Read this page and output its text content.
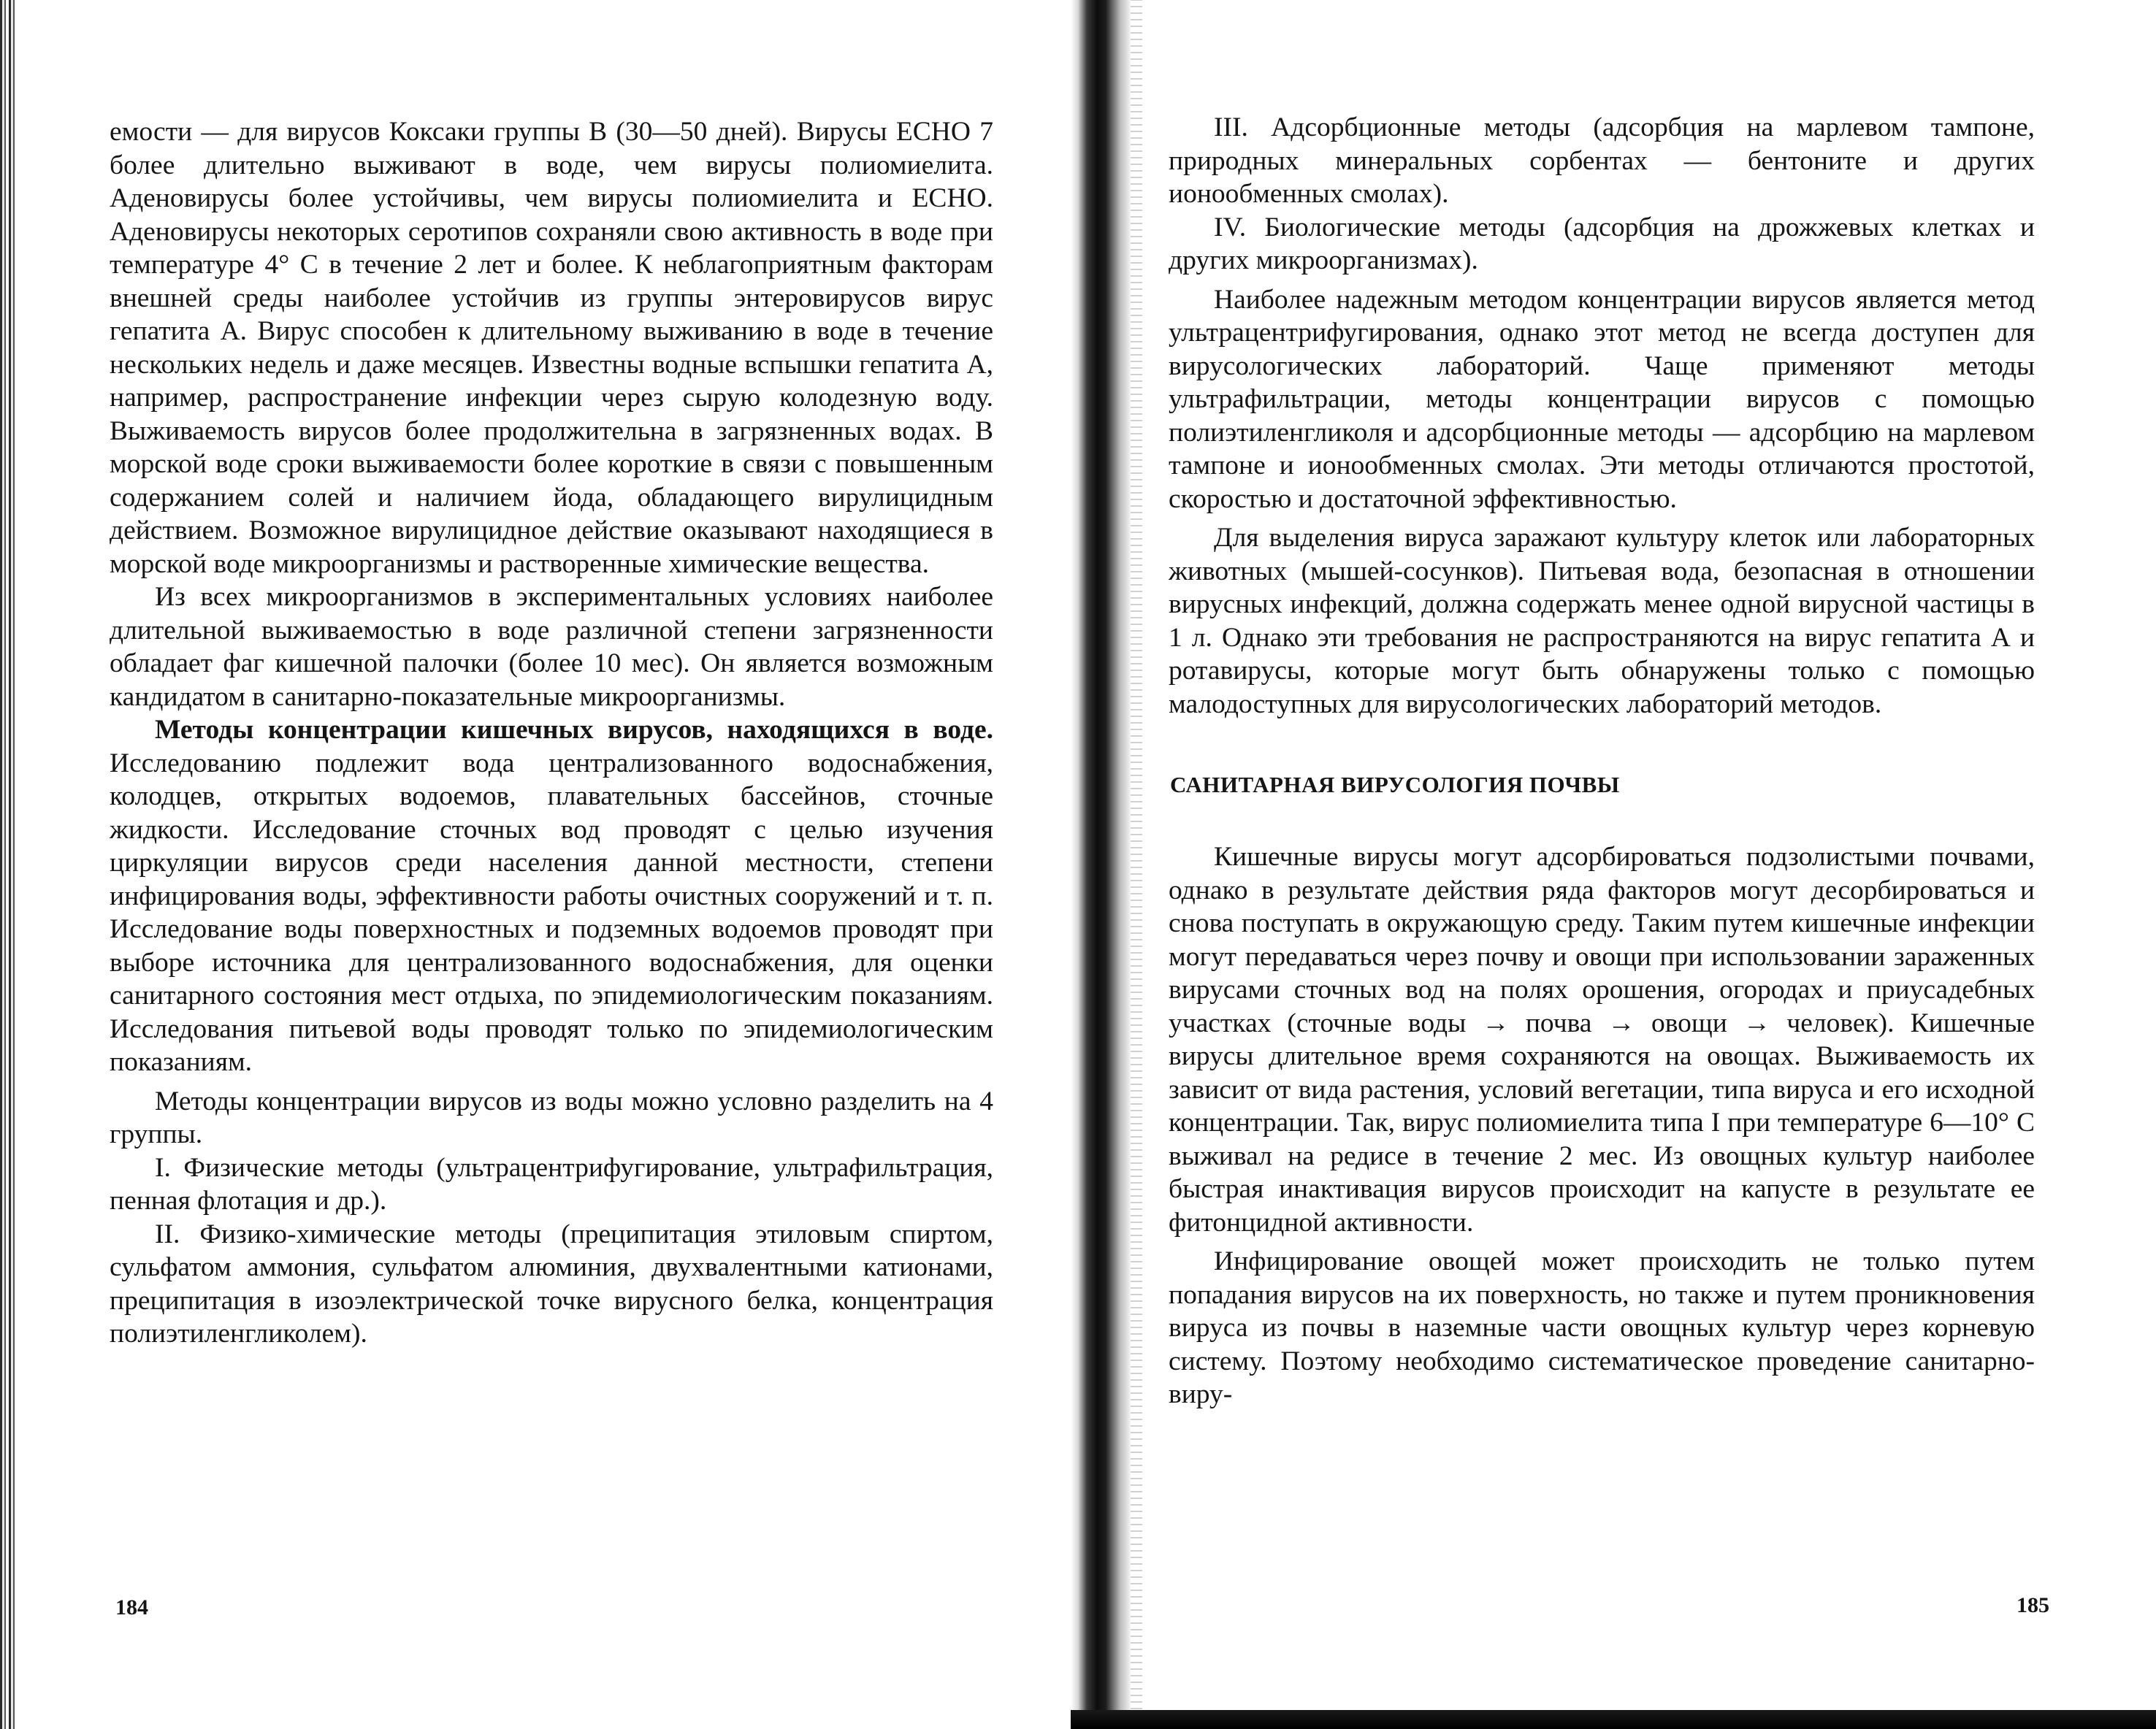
емости — для вирусов Коксаки группы В (30—50 дней). Вирусы ЕСНО 7 более длительно выживают в воде, чем вирусы полиомиелита. Аденовирусы более устойчивы, чем вирусы полиомиелита и ЕСНО. Аденовирусы некоторых серотипов сохраняли свою активность в воде при температуре 4° С в течение 2 лет и более. К неблагоприятным факторам внешней среды наиболее устойчив из группы энтеровирусов вирус гепатита А. Вирус способен к длительному выживанию в воде в течение нескольких недель и даже месяцев. Известны водные вспышки гепатита А, например, распространение инфекции через сырую колодезную воду. Выживаемость вирусов более продолжительна в загрязненных водах. В морской воде сроки выживаемости более короткие в связи с повышенным содержанием солей и наличием йода, обладающего вирулицидным действием. Возможное вирулицидное действие оказывают находящиеся в морской воде микроорганизмы и растворенные химические вещества.

Из всех микроорганизмов в экспериментальных условиях наиболее длительной выживаемостью в воде различной степени загрязненности обладает фаг кишечной палочки (более 10 мес). Он является возможным кандидатом в санитарно-показательные микроорганизмы.

Методы концентрации кишечных вирусов, находящихся в воде. Исследованию подлежит вода централизованного водоснабжения, колодцев, открытых водоемов, плавательных бассейнов, сточные жидкости. Исследование сточных вод проводят с целью изучения циркуляции вирусов среди населения данной местности, степени инфицирования воды, эффективности работы очистных сооружений и т. п. Исследование воды поверхностных и подземных водоемов проводят при выборе источника для централизованного водоснабжения, для оценки санитарного состояния мест отдыха, по эпидемиологическим показаниям. Исследования питьевой воды проводят только по эпидемиологическим показаниям.

Методы концентрации вирусов из воды можно условно разделить на 4 группы.

I. Физические методы (ультрацентрифугирование, ультрафильтрация, пенная флотация и др.).

II. Физико-химические методы (преципитация этиловым спиртом, сульфатом аммония, сульфатом алюминия, двухвалентными катионами, преципитация в изоэлектрической точке вирусного белка, концентрация полиэтиленгликолем).

184

III. Адсорбционные методы (адсорбция на марлевом тампоне, природных минеральных сорбентах — бентоните и других ионообменных смолах).

IV. Биологические методы (адсорбция на дрожжевых клетках и других микроорганизмах).

Наиболее надежным методом концентрации вирусов является метод ультрацентрифугирования, однако этот метод не всегда доступен для вирусологических лабораторий. Чаще применяют методы ультрафильтрации, методы концентрации вирусов с помощью полиэтиленгликоля и адсорбционные методы — адсорбцию на марлевом тампоне и ионообменных смолах. Эти методы отличаются простотой, скоростью и достаточной эффективностью.

Для выделения вируса заражают культуру клеток или лабораторных животных (мышей-сосунков). Питьевая вода, безопасная в отношении вирусных инфекций, должна содержать менее одной вирусной частицы в 1 л. Однако эти требования не распространяются на вирус гепатита А и ротавирусы, которые могут быть обнаружены только с помощью малодоступных для вирусологических лабораторий методов.

САНИТАРНАЯ ВИРУСОЛОГИЯ ПОЧВЫ

Кишечные вирусы могут адсорбироваться подзолистыми почвами, однако в результате действия ряда факторов могут десорбироваться и снова поступать в окружающую среду. Таким путем кишечные инфекции могут передаваться через почву и овощи при использовании зараженных вирусами сточных вод на полях орошения, огородах и приусадебных участках (сточные воды → почва → овощи → человек). Кишечные вирусы длительное время сохраняются на овощах. Выживаемость их зависит от вида растения, условий вегетации, типа вируса и его исходной концентрации. Так, вирус полиомиелита типа I при температуре 6—10° С выживал на редисе в течение 2 мес. Из овощных культур наиболее быстрая инактивация вирусов происходит на капусте в результате ее фитонцидной активности.

Инфицирование овощей может происходить не только путем попадания вирусов на их поверхность, но также и путем проникновения вируса из почвы в наземные части овощных культур через корневую систему. Поэтому необходимо систематическое проведение санитарно-виру-

185
